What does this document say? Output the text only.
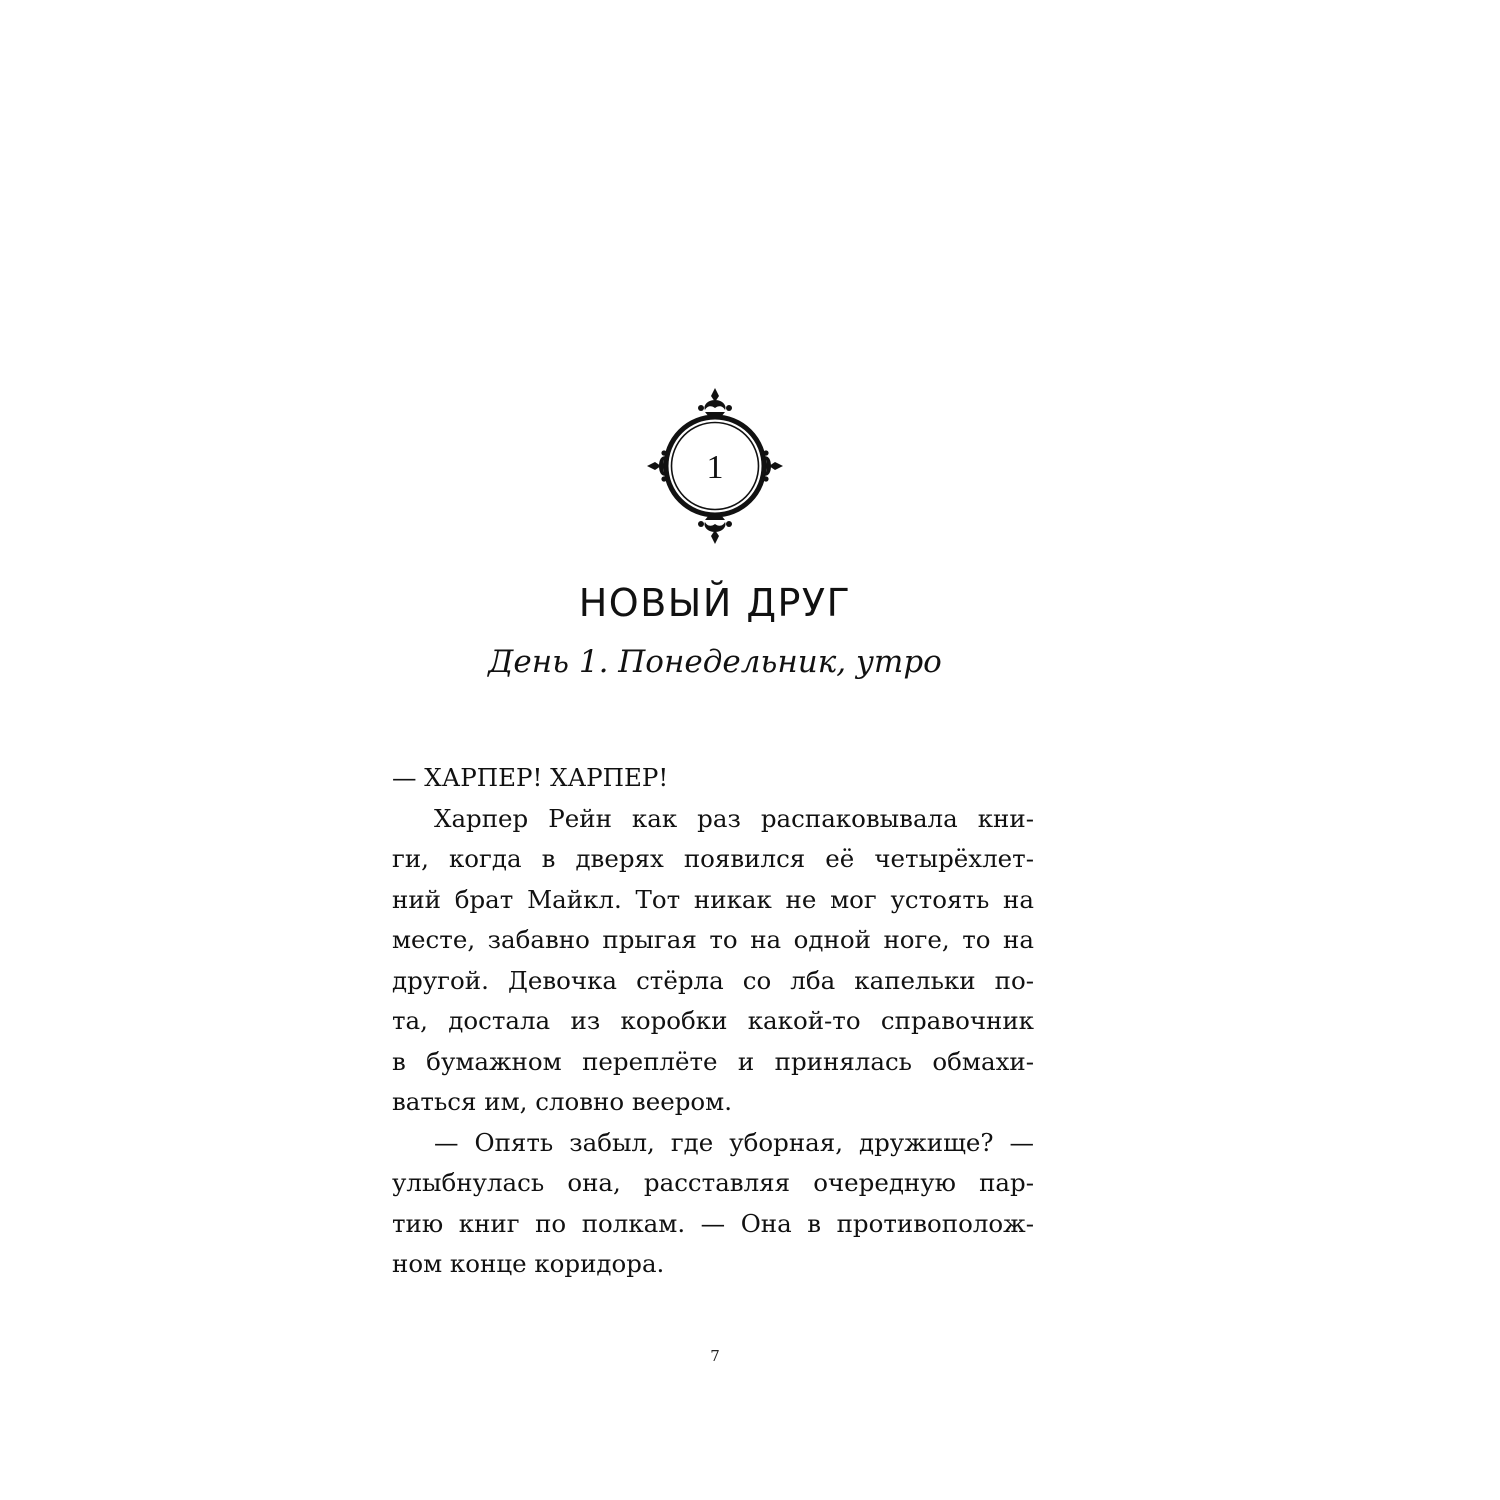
1
НОВЫЙ ДРУГ
День 1. Понедельник, утро
— ХАРПЕР! ХАРПЕР!
Харпер Рейн как раз распаковывала кни-
ги, когда в дверях появился её четырёхлет-
ний брат Майкл. Тот никак не мог устоять на
месте, забавно прыгая то на одной ноге, то на
другой. Девочка стёрла со лба капельки по-
та, достала из коробки какой-то справочник
в бумажном переплёте и принялась обмахи-
ваться им, словно веером.
— Опять забыл, где уборная, дружище? —
улыбнулась она, расставляя очередную пар-
тию книг по полкам. — Она в противополож-
ном конце коридора.
7
